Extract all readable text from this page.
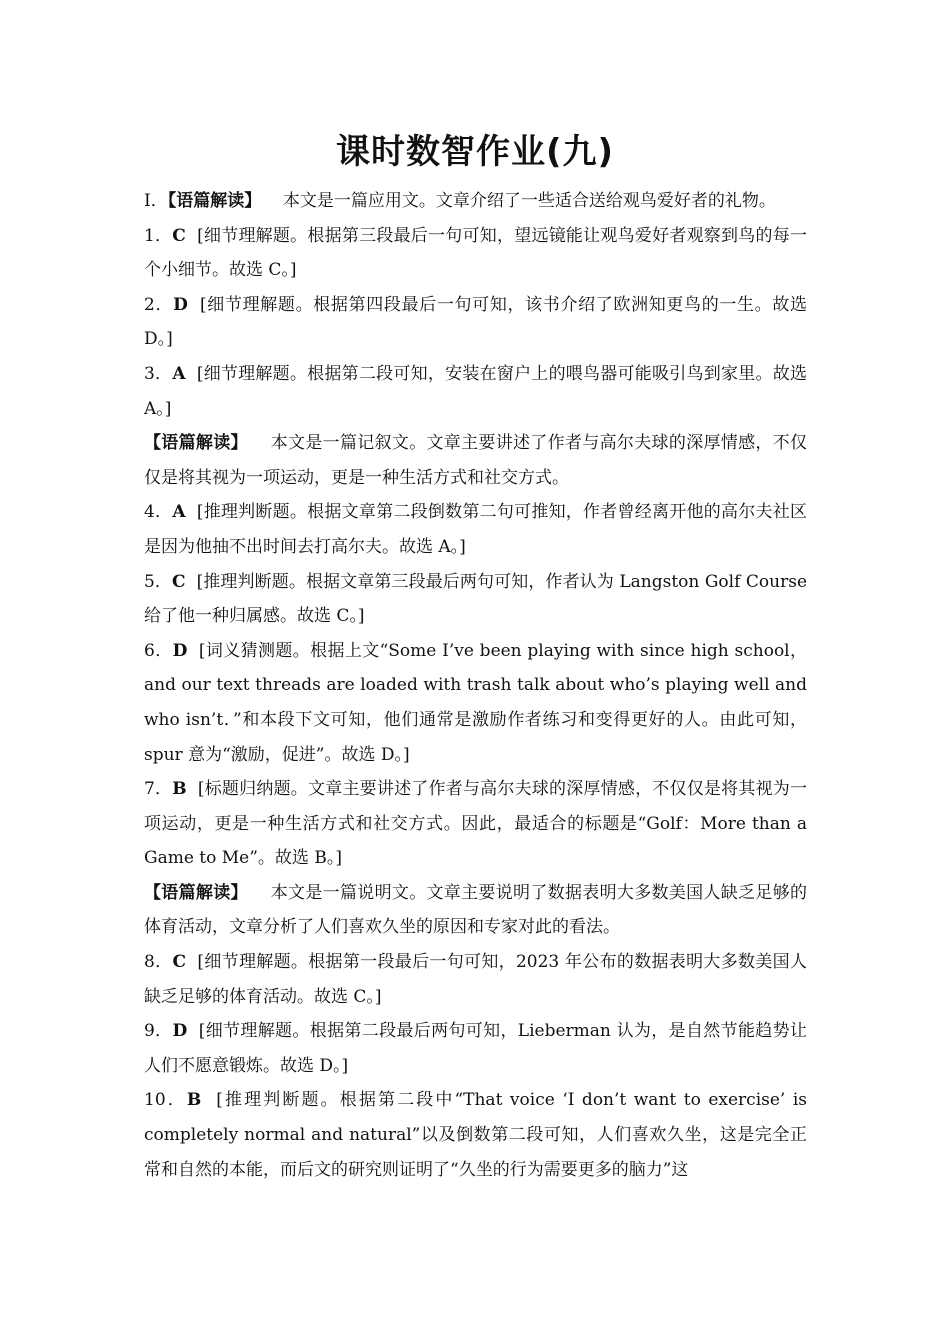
课时数智作业(九)

Ⅰ．【语篇解读】 本文是一篇应用文。文章介绍了一些适合送给观鸟爱好者的礼物。

1．C [细节理解题。根据第三段最后一句可知，望远镜能让观鸟爱好者观察到鸟的每一个小细节。故选 C。]

2．D [细节理解题。根据第四段最后一句可知，该书介绍了欧洲知更鸟的一生。故选 D。]

3．A [细节理解题。根据第二段可知，安装在窗户上的喂鸟器可能吸引鸟到家里。故选 A。]

【语篇解读】 本文是一篇记叙文。文章主要讲述了作者与高尔夫球的深厚情感，不仅仅是将其视为一项运动，更是一种生活方式和社交方式。

4．A [推理判断题。根据文章第二段倒数第二句可推知，作者曾经离开他的高尔夫社区是因为他抽不出时间去打高尔夫。故选 A。]

5．C [推理判断题。根据文章第三段最后两句可知，作者认为 Langston Golf Course 给了他一种归属感。故选 C。]

6．D [词义猜测题。根据上文“Some I’ve been playing with since high school，and our text threads are loaded with trash talk about who’s playing well and who isn’t．”和本段下文可知，他们通常是激励作者练习和变得更好的人。由此可知，spur 意为“激励，促进”。故选 D。]

7．B [标题归纳题。文章主要讲述了作者与高尔夫球的深厚情感，不仅仅是将其视为一项运动，更是一种生活方式和社交方式。因此，最适合的标题是“Golf：More than a Game to Me”。故选 B。]

【语篇解读】 本文是一篇说明文。文章主要说明了数据表明大多数美国人缺乏足够的体育活动，文章分析了人们喜欢久坐的原因和专家对此的看法。

8．C [细节理解题。根据第一段最后一句可知，2023 年公布的数据表明大多数美国人缺乏足够的体育活动。故选 C。]

9．D [细节理解题。根据第二段最后两句可知，Lieberman 认为，是自然节能趋势让人们不愿意锻炼。故选 D。]

10．B [推理判断题。根据第二段中“That voice ‘I don’t want to exercise’ is completely normal and natural”以及倒数第二段可知，人们喜欢久坐，这是完全正常和自然的本能，而后文的研究则证明了“久坐的行为需要更多的脑力”这
